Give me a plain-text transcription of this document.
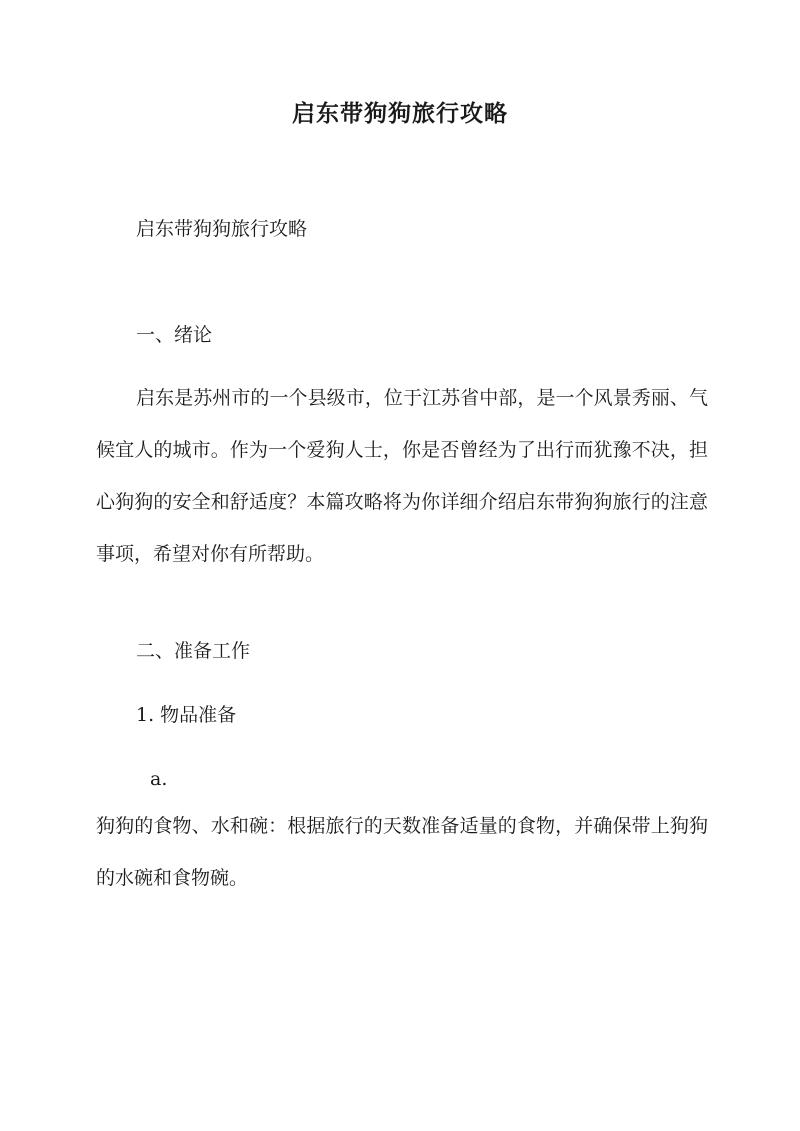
启东带狗狗旅行攻略
启东带狗狗旅行攻略
一、绪论

启东是苏州市的一个县级市，位于江苏省中部，是一个风景秀丽、气候宜人的城市。作为一个爱狗人士，你是否曾经为了出行而犹豫不决，担心狗狗的安全和舒适度？本篇攻略将为你详细介绍启东带狗狗旅行的注意事项，希望对你有所帮助。

二、准备工作
1. 物品准备
a.

狗狗的食物、水和碗：根据旅行的天数准备适量的食物，并确保带上狗狗的水碗和食物碗。
